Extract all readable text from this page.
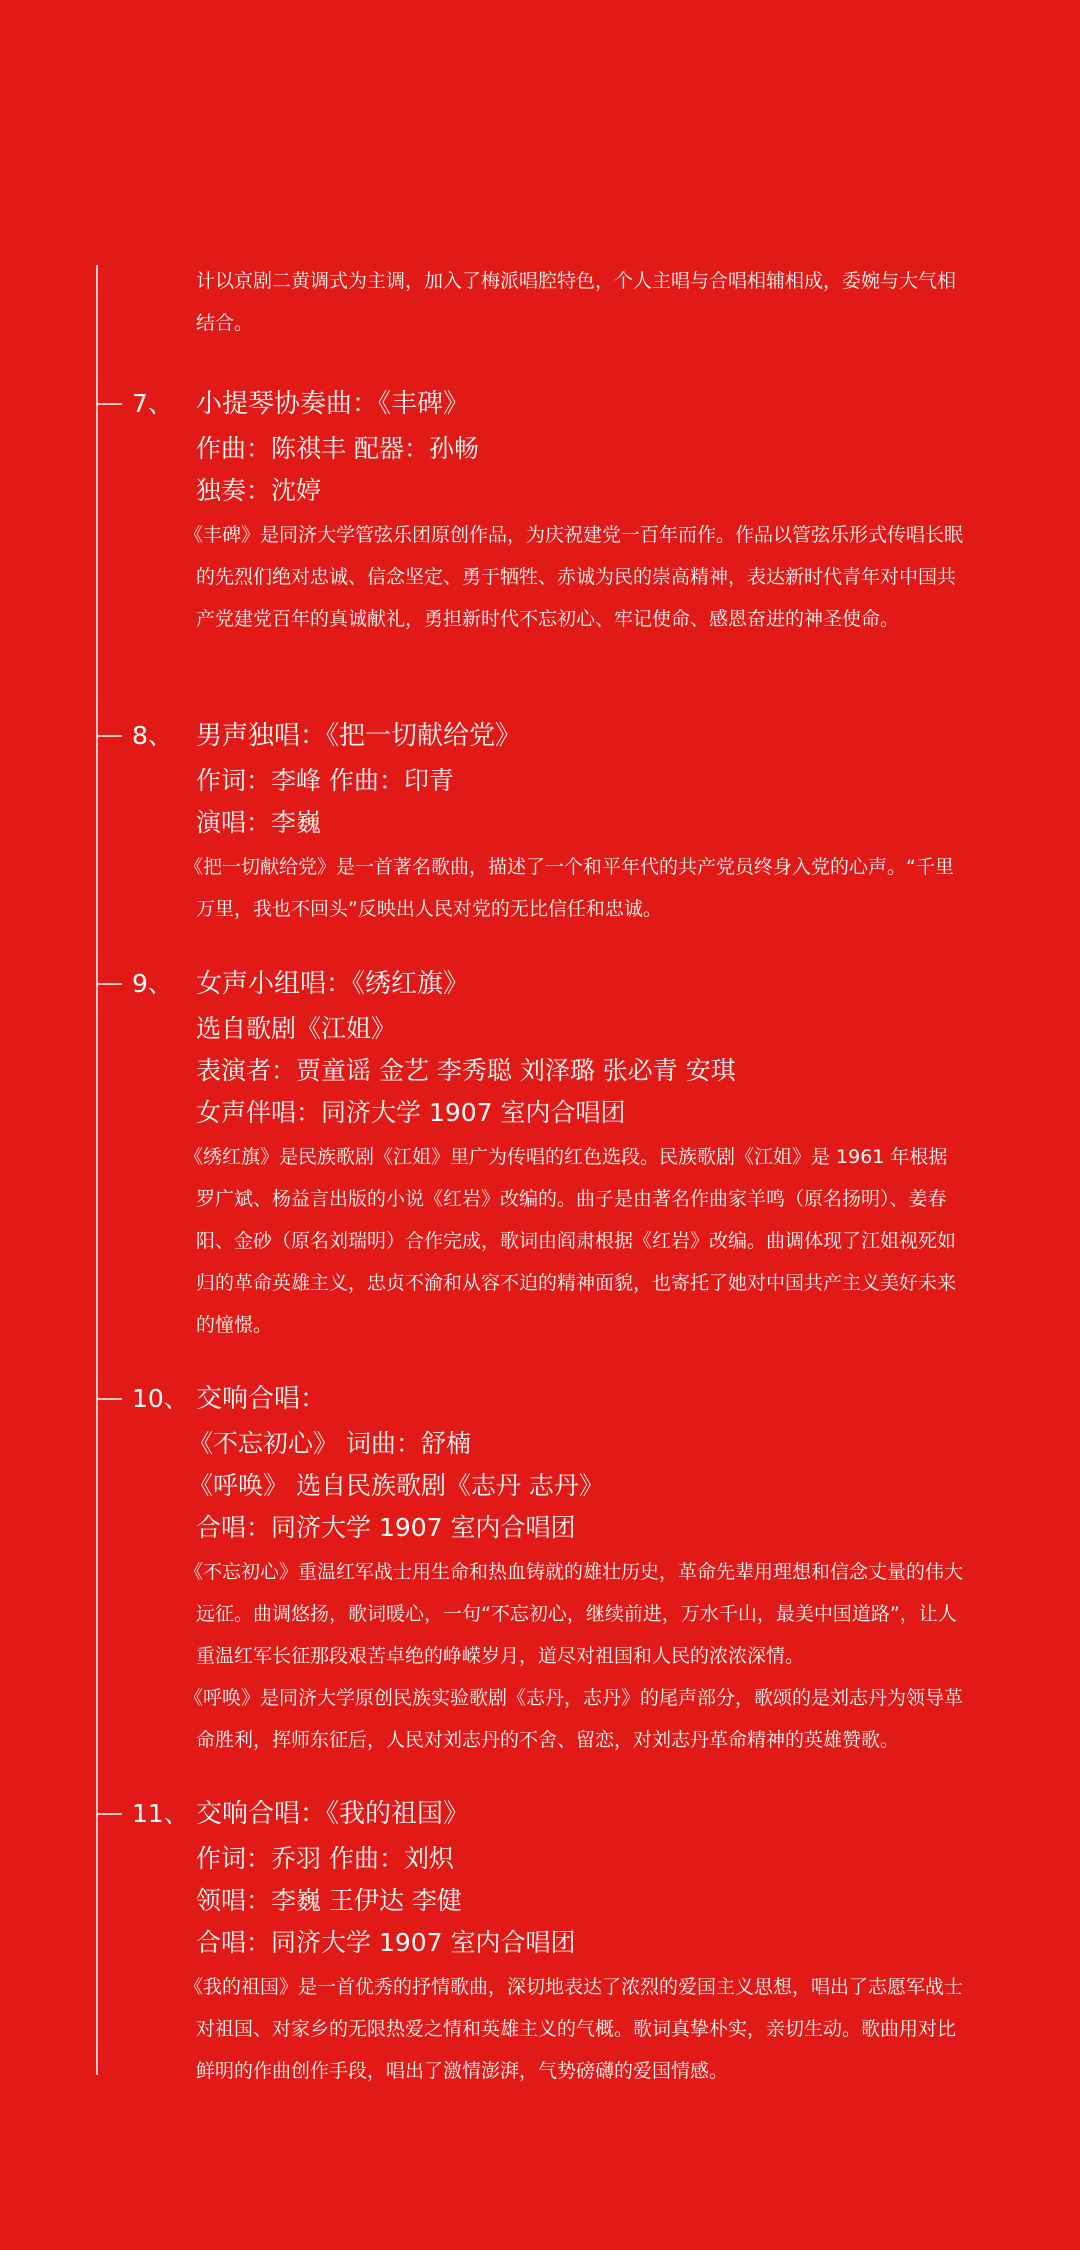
计以京剧二黄调式为主调，加入了梅派唱腔特色，个人主唱与合唱相辅相成，委婉与大气相结合。
7、 小提琴协奏曲：《丰碑》
作曲：陈祺丰 配器：孙畅
独奏：沈婷
《丰碑》是同济大学管弦乐团原创作品，为庆祝建党一百年而作。作品以管弦乐形式传唱长眠的先烈们绝对忠诚、信念坚定、勇于牺牲、赤诚为民的崇高精神，表达新时代青年对中国共产党建党百年的真诚献礼，勇担新时代不忘初心、牢记使命、感恩奋进的神圣使命。
8、 男声独唱：《把一切献给党》
作词：李峰 作曲：印青
演唱：李巍
《把一切献给党》是一首著名歌曲，描述了一个和平年代的共产党员终身入党的心声。“千里万里，我也不回头”反映出人民对党的无比信任和忠诚。
9、 女声小组唱：《绣红旗》
选自歌剧《江姐》
表演者：贾童谣 金艺 李秀聪 刘泽璐 张必青 安琪
女声伴唱：同济大学 1907 室内合唱团
《绣红旗》是民族歌剧《江姐》里广为传唱的红色选段。民族歌剧《江姐》是 1961 年根据罗广斌、杨益言出版的小说《红岩》改编的。曲子是由著名作曲家羊鸣（原名扬明）、姜春阳、金砂（原名刘瑞明）合作完成，歌词由阎肃根据《红岩》改编。曲调体现了江姐视死如归的革命英雄主义，忠贞不渝和从容不迫的精神面貌，也寄托了她对中国共产主义美好未来的憧憬。
10、 交响合唱：
《不忘初心》 词曲：舒楠
《呼唤》 选自民族歌剧《志丹 志丹》
合唱：同济大学 1907 室内合唱团
《不忘初心》重温红军战士用生命和热血铸就的雄壮历史，革命先辈用理想和信念丈量的伟大远征。曲调悠扬，歌词暖心，一句“不忘初心，继续前进，万水千山，最美中国道路”，让人重温红军长征那段艰苦卓绝的峥嵘岁月，道尽对祖国和人民的浓浓深情。
《呼唤》是同济大学原创民族实验歌剧《志丹，志丹》的尾声部分，歌颂的是刘志丹为领导革命胜利，挥师东征后，人民对刘志丹的不舍、留恋，对刘志丹革命精神的英雄赞歌。
11、 交响合唱：《我的祖国》
作词：乔羽 作曲：刘炽
领唱：李巍 王伊达 李健
合唱：同济大学 1907 室内合唱团
《我的祖国》是一首优秀的抒情歌曲，深切地表达了浓烈的爱国主义思想，唱出了志愿军战士对祖国、对家乡的无限热爱之情和英雄主义的气概。歌词真挚朴实，亲切生动。歌曲用对比鲜明的作曲创作手段，唱出了激情澎湃，气势磅礴的爱国情感。
